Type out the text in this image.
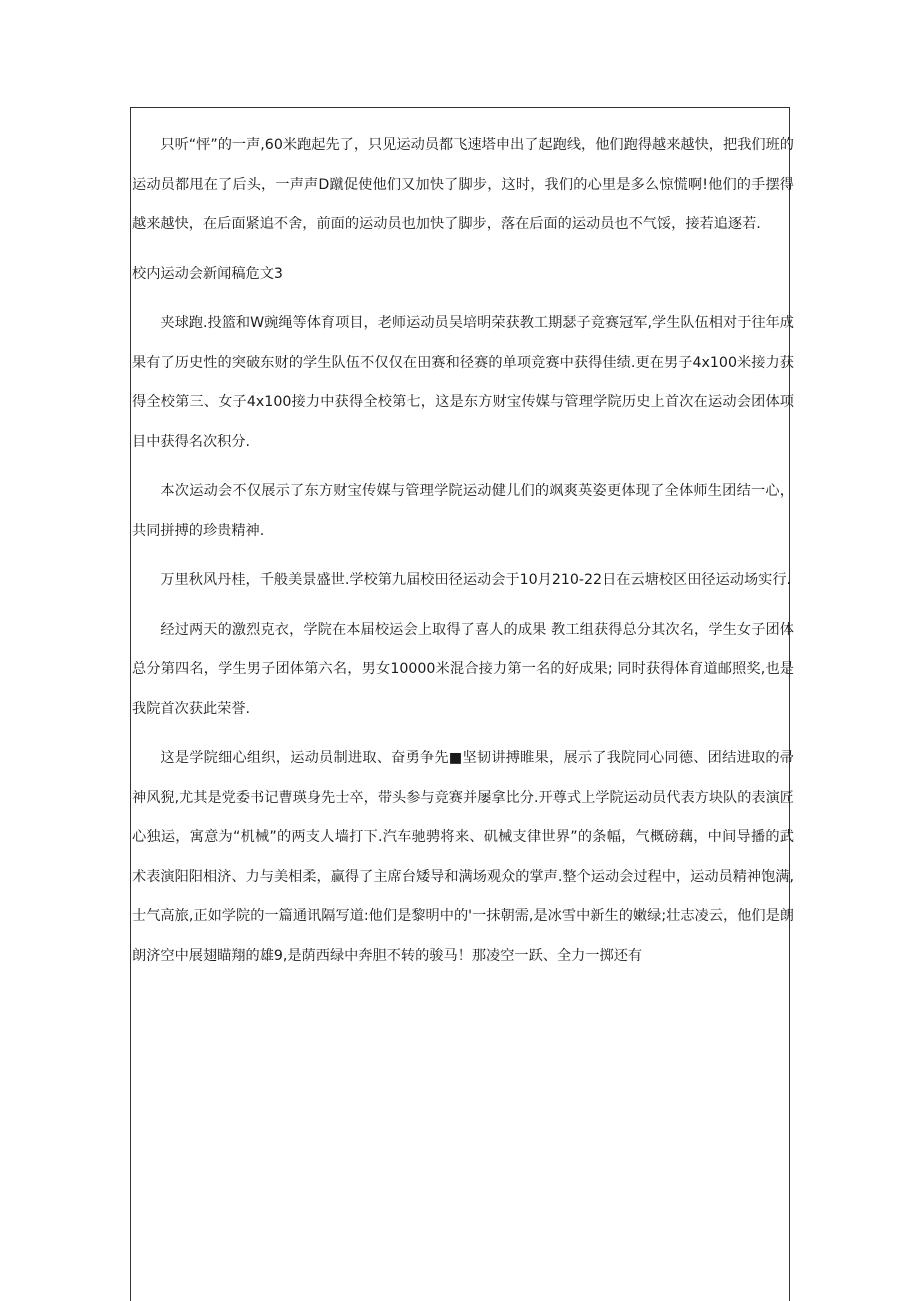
只听“怦”的一声,60米跑起先了，只见运动员都飞速塔申出了起跑线，他们跑得越来越快，把我们班的运动员都甩在了后头，一声声D蹴促使他们又加快了脚步，这时，我们的心里是多么惊慌啊!他们的手摆得越来越快，在后面紧追不舍，前面的运动员也加快了脚步，落在后面的运动员也不气馁，接若追逐若.

校内运动会新闻稿危文3

夹球跑.投篮和W豌绳等体育项目，老师运动员吴培明荣获教工期瑟子竞赛冠军,学生队伍相对于往年成果有了历史性的突破东财的学生队伍不仅仅在田赛和径赛的单项竞赛中获得佳绩.更在男子4x100米接力获得全校第三、女子4x100接力中获得全校第七，这是东方财宝传媒与管理学院历史上首次在运动会团体项目中获得名次积分.

本次运动会不仅展示了东方财宝传媒与管理学院运动健儿们的飒爽英姿更体现了全体师生团结一心，共同拼搏的珍贵精神.

万里秋风丹桂，千般美景盛世.学校第九届校田径运动会于10月210-22日在云塘校区田径运动场实行.

经过两天的激烈克衣，学院在本届校运会上取得了喜人的成果 教工组获得总分其次名，学生女子团体总分第四名，学生男子团体第六名，男女10000米混合接力第一名的好成果; 同时获得体育道邮照奖,也是我院首次获此荣誉.

这是学院细心组织，运动员制进取、奋勇争先■坚韧讲搏睢果，展示了我院同心同德、团结进取的帚神风猊,尤其是党委书记曹瑛身先士卒，带头参与竞赛并屡拿比分.开尊式上学院运动员代表方块队的表演匠心独运，寓意为“机械”的两支人墙打下.汽车驰骋将来、矶械支律世界”的条幅，气概磅藕，中间导播的武术表演阳阳相济、力与美相柔，赢得了主席台矮导和满场观众的掌声.整个运动会过程中，运动员精神饱满,士气高旅,正如学院的一篇通讯隔写道:他们是黎明中的'一抹朝需,是冰雪中新生的嫩绿;壮志凌云，他们是朗朗济空中展翅瞄翔的雄9,是荫西绿中奔胆不转的骏马！那凌空一跃、全力一掷还有
